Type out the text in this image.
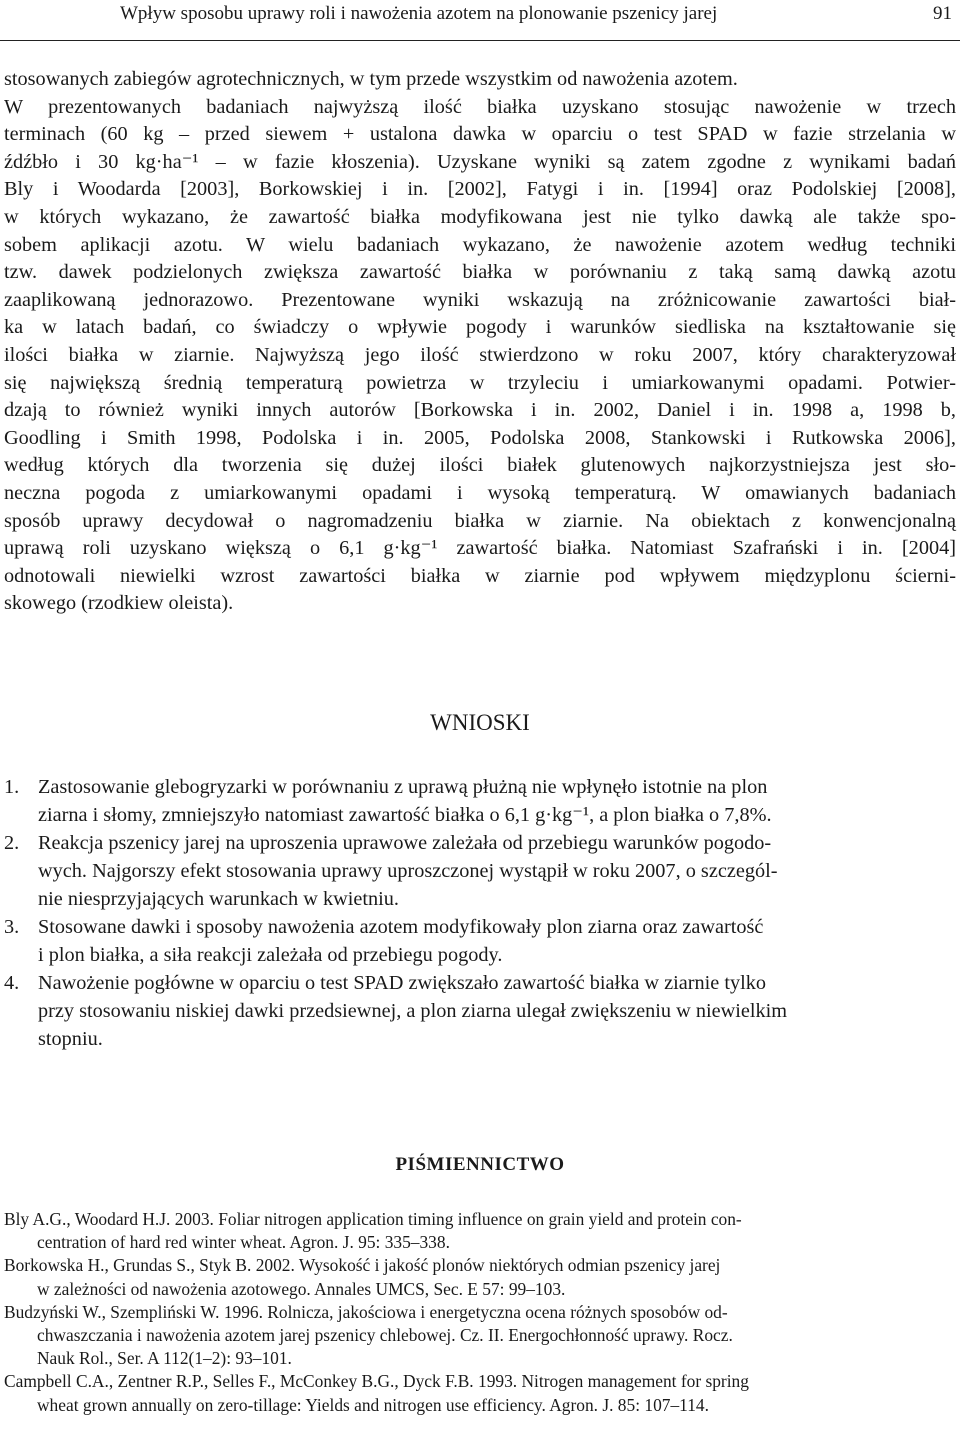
Wpływ sposobu uprawy roli i nawożenia azotem na plonowanie pszenicy jarej	91
stosowanych zabiegów agrotechnicznych, w tym przede wszystkim od nawożenia azotem.
W prezentowanych badaniach najwyższą ilość białka uzyskano stosując nawożenie w trzech
terminach (60 kg – przed siewem + ustalona dawka w oparciu o test SPAD w fazie strzelania w
źdźbło i 30 kg·ha⁻¹ – w fazie kłoszenia). Uzyskane wyniki są zatem zgodne z wynikami badań
Bly i Woodarda [2003], Borkowskiej i in. [2002], Fatygi i in. [1994] oraz Podolskiej [2008],
w których wykazano, że zawartość białka modyfikowana jest nie tylko dawką ale także spo-
sobem aplikacji azotu. W wielu badaniach wykazano, że nawożenie azotem według techniki
tzw. dawek podzielonych zwiększa zawartość białka w porównaniu z taką samą dawką azotu
zaaplikowaną jednorazowo. Prezentowane wyniki wskazują na zróżnicowanie zawartości biał-
ka w latach badań, co świadczy o wpływie pogody i warunków siedliska na kształtowanie się
ilości białka w ziarnie. Najwyższą jego ilość stwierdzono w roku 2007, który charakteryzował
się największą średnią temperaturą powietrza w trzyleciu i umiarkowanymi opadami. Potwier-
dzają to również wyniki innych autorów [Borkowska i in. 2002, Daniel i in. 1998 a, 1998 b,
Goodling i Smith 1998, Podolska i in. 2005, Podolska 2008, Stankowski i Rutkowska 2006],
według których dla tworzenia się dużej ilości białek glutenowych najkorzystniejsza jest sło-
neczna pogoda z umiarkowanymi opadami i wysoką temperaturą. W omawianych badaniach
sposób uprawy decydował o nagromadzeniu białka w ziarnie. Na obiektach z konwencjonalną
uprawą roli uzyskano większą o 6,1 g·kg⁻¹ zawartość białka. Natomiast Szafrański i in. [2004]
odnotowali niewielki wzrost zawartości białka w ziarnie pod wpływem międzyplonu ścierni-
skowego (rzodkiew oleista).
WNIOSKI
1. Zastosowanie glebogryzarki w porównaniu z uprawą płużną nie wpłynęło istotnie na plon
ziarna i słomy, zmniejszyło natomiast zawartość białka o 6,1 g·kg⁻¹, a plon białka o 7,8%.
2. Reakcja pszenicy jarej na uproszenia uprawowe zależała od przebiegu warunków pogodo-
wych. Najgorszy efekt stosowania uprawy uproszczonej wystąpił w roku 2007, o szczegól-
nie niesprzyjających warunkach w kwietniu.
3. Stosowane dawki i sposoby nawożenia azotem modyfikowały plon ziarna oraz zawartość
i plon białka, a siła reakcji zależała od przebiegu pogody.
4. Nawożenie pogłówne w oparciu o test SPAD zwiększało zawartość białka w ziarnie tylko
przy stosowaniu niskiej dawki przedsiewnej, a plon ziarna ulegał zwiększeniu w niewielkim
stopniu.
PIŚMIENNICTWO
Bly A.G., Woodard H.J. 2003. Foliar nitrogen application timing influence on grain yield and protein con-
centration of hard red winter wheat. Agron. J. 95: 335–338.
Borkowska H., Grundas S., Styk B. 2002. Wysokość i jakość plonów niektórych odmian pszenicy jarej
w zależności od nawożenia azotowego. Annales UMCS, Sec. E 57: 99–103.
Budzyński W., Szempliński W. 1996. Rolnicza, jakościowa i energetyczna ocena różnych sposobów od-
chwaszczania i nawożenia azotem jarej pszenicy chlebowej. Cz. II. Energochłonność uprawy. Rocz.
Nauk Rol., Ser. A 112(1–2): 93–101.
Campbell C.A., Zentner R.P., Selles F., McConkey B.G., Dyck F.B. 1993. Nitrogen management for spring
wheat grown annually on zero-tillage: Yields and nitrogen use efficiency. Agron. J. 85: 107–114.
